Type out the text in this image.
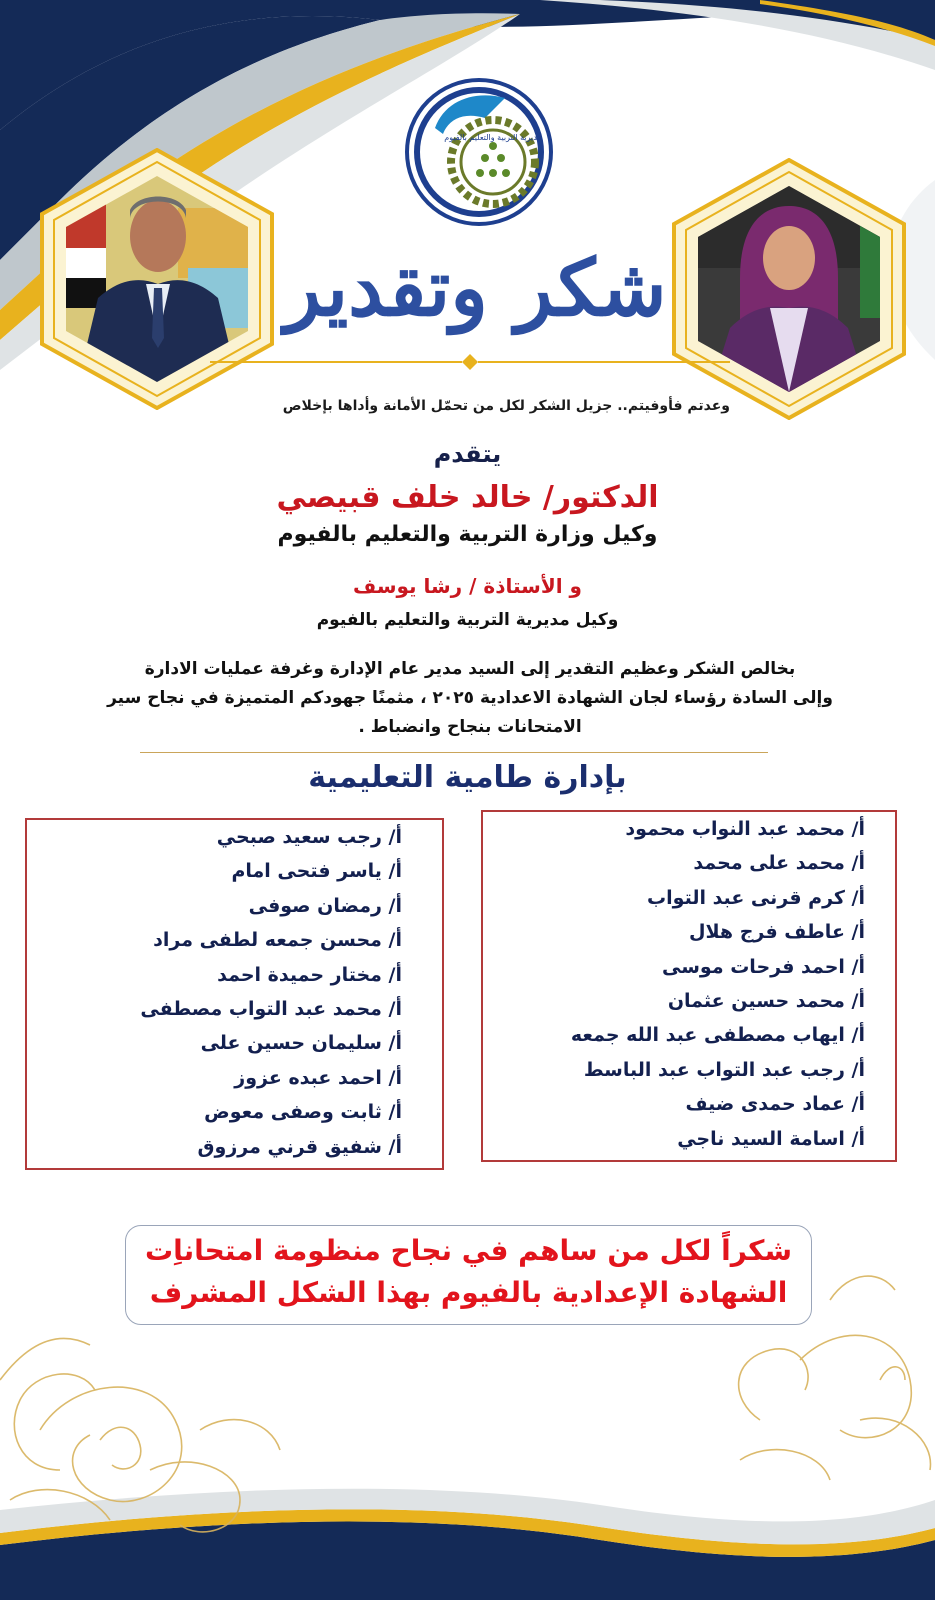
مديرية التربية والتعليم بالفيوم
شكر وتقدير
وعدتم فأوفيتم.. جزيل الشكر لكل من تحمّل الأمانة وأداها بإخلاص
يتقدم
الدكتور/ خالد خلف قبيصي
وكيل وزارة التربية والتعليم بالفيوم
و الأستاذة / رشا يوسف
وكيل مديرية التربية والتعليم بالفيوم
بخالص الشكر وعظيم التقدير إلى السيد مدير عام الإدارة وغرفة عمليات الادارة
وإلى السادة رؤساء لجان الشهادة الاعدادية ٢٠٢٥ ، مثمنًا جهودكم المتميزة في نجاح سير
الامتحانات بنجاح وانضباط .
بإدارة طامية التعليمية
أ/ محمد عبد النواب محمود
أ/ محمد على محمد
أ/ كرم قرنى عبد التواب
أ/ عاطف فرج هلال
أ/ احمد فرحات موسى
أ/ محمد حسين عثمان
أ/ ايهاب مصطفى عبد الله جمعه
أ/ رجب عبد التواب عبد الباسط
أ/ عماد حمدى ضيف
أ/ اسامة السيد ناجي
أ/ رجب سعيد صبحي
أ/ ياسر فتحى امام
أ/ رمضان صوفى
أ/ محسن جمعه لطفى مراد
أ/ مختار حميدة احمد
أ/ محمد عبد التواب مصطفى
أ/ سليمان حسين على
أ/ احمد عبده عزوز
أ/ ثابت وصفى معوض
أ/ شفيق قرني مرزوق
شكراً لكل من ساهم في نجاح منظومة امتحاناِت
الشهادة الإعدادية بالفيوم بهذا الشكل المشرف
